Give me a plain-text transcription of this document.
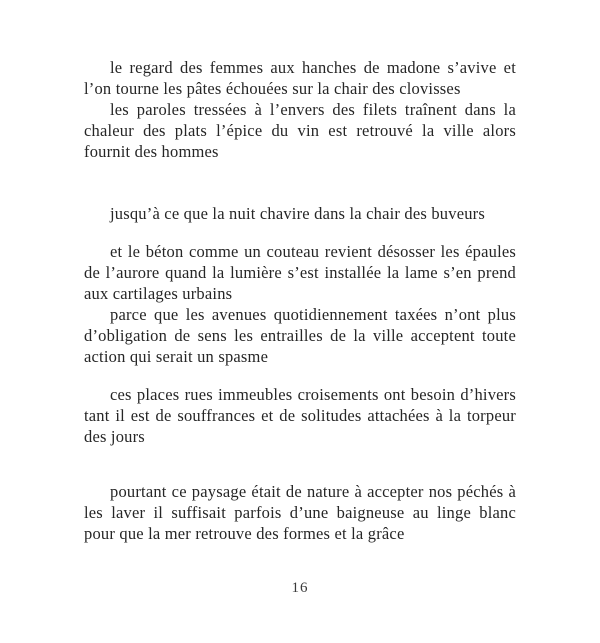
le regard des femmes aux hanches de madone s’avive et
l’on tourne les pâtes échouées sur la chair des clovisses
les paroles tressées à l’envers des filets traînent dans la
chaleur des plats l’épice du vin est retrouvé la ville alors
fournit des hommes
jusqu’à ce que la nuit chavire dans la chair des buveurs
et le béton comme un couteau revient désosser les épaules
de l’aurore quand la lumière s’est installée la lame s’en prend
aux cartilages urbains
parce que les avenues quotidiennement taxées n’ont plus
d’obligation de sens les entrailles de la ville acceptent toute
action qui serait un spasme
ces places rues immeubles croisements ont besoin d’hivers
tant il est de souffrances et de solitudes attachées à la torpeur
des jours
pourtant ce paysage était de nature à accepter nos péchés à
les laver il suffisait parfois d’une baigneuse au linge blanc
pour que la mer retrouve des formes et la grâce
16
